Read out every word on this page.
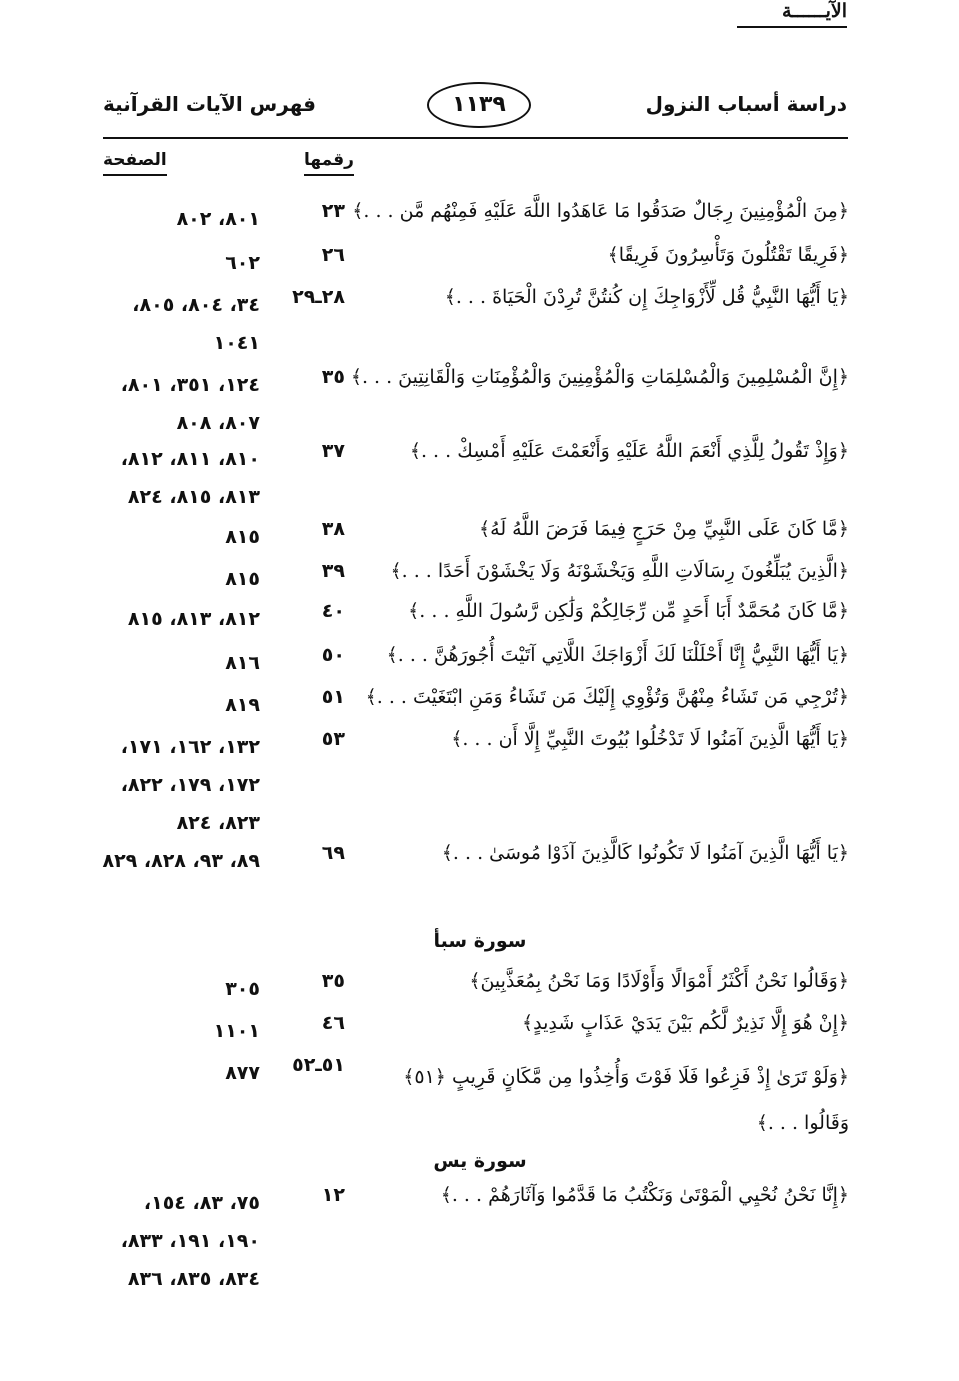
دراسة أسباب النزول
١١٣٩
فهرس الآيات القرآنية
الآيــــــة
رقمها
الصفحة
﴿مِنَ الْمُؤْمِنِينَ رِجَالٌ صَدَقُوا مَا عَاهَدُوا اللَّهَ عَلَيْهِ فَمِنْهُم مَّن . . .﴾
٢٣
٨٠١، ٨٠٢
﴿فَرِيقًا تَقْتُلُونَ وَتَأْسِرُونَ فَرِيقًا﴾
٢٦
٦٠٢
﴿يَا أَيُّهَا النَّبِيُّ قُل لِّأَزْوَاجِكَ إِن كُنتُنَّ تُرِدْنَ الْحَيَاةَ . . .﴾
٢٨ـ٢٩
٣٤، ٨٠٤، ٨٠٥، ١٠٤١
﴿إِنَّ الْمُسْلِمِينَ وَالْمُسْلِمَاتِ وَالْمُؤْمِنِينَ وَالْمُؤْمِنَاتِ وَالْقَانِتِينَ . . .﴾
٣٥
١٢٤، ٣٥١، ٨٠١، ٨٠٧، ٨٠٨
﴿وَإِذْ تَقُولُ لِلَّذِي أَنْعَمَ اللَّهُ عَلَيْهِ وَأَنْعَمْتَ عَلَيْهِ أَمْسِكْ . . .﴾
٣٧
٨١٠، ٨١١، ٨١٢، ٨١٣، ٨١٥، ٨٢٤
﴿مَّا كَانَ عَلَى النَّبِيِّ مِنْ حَرَجٍ فِيمَا فَرَضَ اللَّهُ لَهُ﴾
٣٨
٨١٥
﴿الَّذِينَ يُبَلِّغُونَ رِسَالَاتِ اللَّهِ وَيَخْشَوْنَهُ وَلَا يَخْشَوْنَ أَحَدًا . . .﴾
٣٩
٨١٥
﴿مَّا كَانَ مُحَمَّدٌ أَبَا أَحَدٍ مِّن رِّجَالِكُمْ وَلَٰكِن رَّسُولَ اللَّهِ . . .﴾
٤٠
٨١٢، ٨١٣، ٨١٥
﴿يَا أَيُّهَا النَّبِيُّ إِنَّا أَحْلَلْنَا لَكَ أَزْوَاجَكَ اللَّاتِي آتَيْتَ أُجُورَهُنَّ . . .﴾
٥٠
٨١٦
﴿تُرْجِي مَن تَشَاءُ مِنْهُنَّ وَتُؤْوِي إِلَيْكَ مَن تَشَاءُ وَمَنِ ابْتَغَيْتَ . . .﴾
٥١
٨١٩
﴿يَا أَيُّهَا الَّذِينَ آمَنُوا لَا تَدْخُلُوا بُيُوتَ النَّبِيِّ إِلَّا أَن . . .﴾
٥٣
١٣٢، ١٦٢، ١٧١، ١٧٢، ١٧٩، ٨٢٢، ٨٢٣، ٨٢٤
﴿يَا أَيُّهَا الَّذِينَ آمَنُوا لَا تَكُونُوا كَالَّذِينَ آذَوْا مُوسَىٰ . . .﴾
٦٩
٨٩، ٩٣، ٨٢٨، ٨٢٩
سورة سبأ
﴿وَقَالُوا نَحْنُ أَكْثَرُ أَمْوَالًا وَأَوْلَادًا وَمَا نَحْنُ بِمُعَذَّبِينَ﴾
٣٥
٣٠٥
﴿إِنْ هُوَ إِلَّا نَذِيرٌ لَّكُم بَيْنَ يَدَيْ عَذَابٍ شَدِيدٍ﴾
٤٦
١١٠١
﴿وَلَوْ تَرَىٰ إِذْ فَزِعُوا فَلَا فَوْتَ وَأُخِذُوا مِن مَّكَانٍ قَرِيبٍ ﴿٥١﴾ وَقَالُوا . . .﴾
٥١ـ٥٢
٨٧٧
سورة يس
﴿إِنَّا نَحْنُ نُحْيِي الْمَوْتَىٰ وَنَكْتُبُ مَا قَدَّمُوا وَآثَارَهُمْ . . .﴾
١٢
٧٥، ٨٣، ١٥٤، ١٩٠، ١٩١، ٨٣٣، ٨٣٤، ٨٣٥، ٨٣٦
